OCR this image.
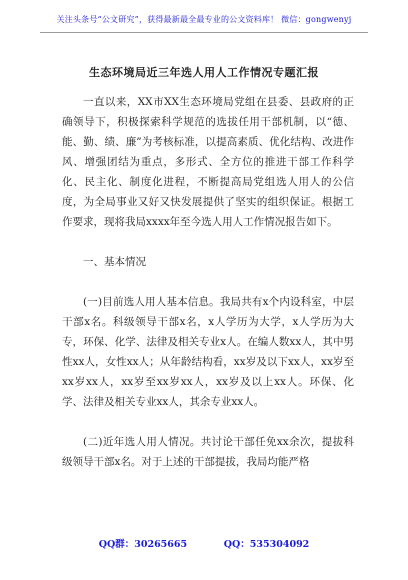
关注头条号“公文研究”，获得最新最全最专业的公文资料库！ 微信：gongwenyj
生态环境局近三年选人用人工作情况专题汇报

一直以来，XX市XX生态环境局党组在县委、县政府的正确领导下，积极探索科学规范的选拔任用干部机制，以“德、能、勤、绩、廉”为考核标准，以提高素质、优化结构、改进作风、增强团结为重点，多形式、全方位的推进干部工作科学化、民主化、制度化进程，不断提高局党组选人用人的公信度，为全局事业又好又快发展提供了坚实的组织保证。根据工作要求，现将我局xxxx年至今选人用人工作情况报告如下。

一、基本情况

(一)目前选人用人基本信息。我局共有x个内设科室，中层干部x名。科级领导干部x名，x人学历为大学，x人学历为大专，环保、化学、法律及相关专业x人。在编人数xx人，其中男性xx人，女性xx人；从年龄结构看，xx岁及以下xx人，xx岁至xx岁xx人，xx岁至xx岁xx人，xx岁及以上xx人。环保、化学、法律及相关专业xx人，其余专业xx人。

(二)近年选人用人情况。共讨论干部任免xx余次，提拔科级领导干部x名。对于上述的干部提拔，我局均能严格

QQ群：30265665	QQ：535304092
